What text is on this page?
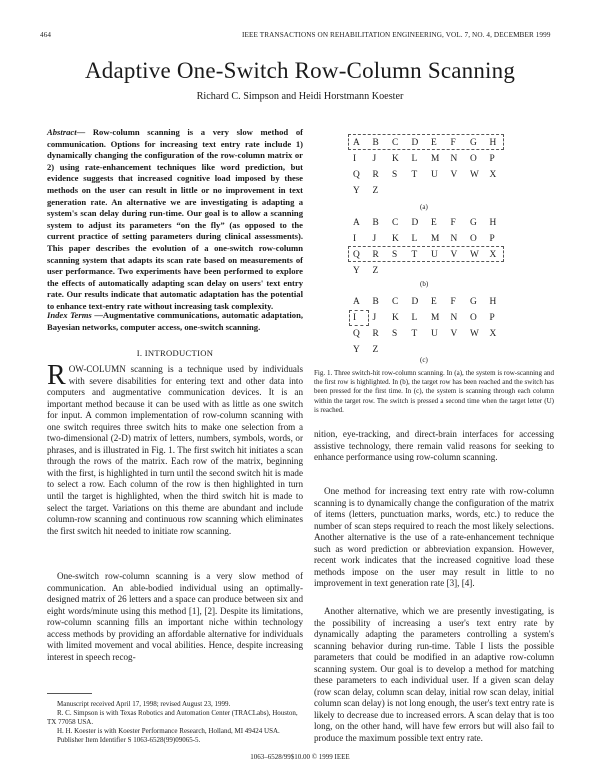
464	IEEE TRANSACTIONS ON REHABILITATION ENGINEERING, VOL. 7, NO. 4, DECEMBER 1999
Adaptive One-Switch Row-Column Scanning
Richard C. Simpson and Heidi Horstmann Koester
Abstract— Row-column scanning is a very slow method of communication. Options for increasing text entry rate include 1) dynamically changing the configuration of the row-column matrix or 2) using rate-enhancement techniques like word prediction, but evidence suggests that increased cognitive load imposed by these methods on the user can result in little or no improvement in text generation rate. An alternative we are investigating is adapting a system's scan delay during run-time. Our goal is to allow a scanning system to adjust its parameters “on the fly” (as opposed to the current practice of setting parameters during clinical assessments). This paper describes the evolution of a one-switch row-column scanning system that adapts its scan rate based on measurements of user performance. Two experiments have been performed to explore the effects of automatically adapting scan delay on users' text entry rate. Our results indicate that automatic adaptation has the potential to enhance text-entry rate without increasing task complexity.
Index Terms —Augmentative communications, automatic adaptation, Bayesian networks, computer access, one-switch scanning.
I. INTRODUCTION
ROW-COLUMN scanning is a technique used by individuals with severe disabilities for entering text and other data into computers and augmentative communication devices. It is an important method because it can be used with as little as one switch for input. A common implementation of row-column scanning with one switch requires three switch hits to make one selection from a two-dimensional (2-D) matrix of letters, numbers, symbols, words, or phrases, and is illustrated in Fig. 1. The first switch hit initiates a scan through the rows of the matrix. Each row of the matrix, beginning with the first, is highlighted in turn until the second switch hit is made to select a row. Each column of the row is then highlighted in turn until the target is highlighted, when the third switch hit is made to select the target. Variations on this theme are abundant and include column-row scanning and continuous row scanning which eliminates the first switch hit needed to initiate row scanning.
One-switch row-column scanning is a very slow method of communication. An able-bodied individual using an optimally-designed matrix of 26 letters and a space can produce between six and eight words/minute using this method [1], [2]. Despite its limitations, row-column scanning fills an important niche within technology access methods by providing an affordable alternative for individuals with limited movement and vocal abilities. Hence, despite increasing interest in speech recog-
Manuscript received April 17, 1998; revised August 23, 1999.
R. C. Simpson is with Texas Robotics and Automation Center (TRACLabs), Houston, TX 77058 USA.
H. H. Koester is with Koester Performance Research, Holland, MI 49424 USA.
Publisher Item Identifier S 1063-6528(99)09065-5.
A	B	C	D	E	F	G	H
I	J	K	L	M	N	O	P
Q	R	S	T	U	V	W	X
Y	Z
(a)
A	B	C	D	E	F	G	H
I	J	K	L	M	N	O	P
Q	R	S	T	U	V	W	X
Y	Z
(b)
A	B	C	D	E	F	G	H
I	J	K	L	M	N	O	P
Q	R	S	T	U	V	W	X
Y	Z
(c)
Fig. 1. Three switch-hit row-column scanning. In (a), the system is row-scanning and the first row is highlighted. In (b), the target row has been reached and the switch has been pressed for the first time. In (c), the system is scanning through each column within the target row. The switch is pressed a second time when the target letter (U) is reached.
nition, eye-tracking, and direct-brain interfaces for accessing assistive technology, there remain valid reasons for seeking to enhance performance using row-column scanning.
One method for increasing text entry rate with row-column scanning is to dynamically change the configuration of the matrix of items (letters, punctuation marks, words, etc.) to reduce the number of scan steps required to reach the most likely selections. Another alternative is the use of a rate-enhancement technique such as word prediction or abbreviation expansion. However, recent work indicates that the increased cognitive load these methods impose on the user may result in little to no improvement in text generation rate [3], [4].
Another alternative, which we are presently investigating, is the possibility of increasing a user's text entry rate by dynamically adapting the parameters controlling a system's scanning behavior during run-time. Table I lists the possible parameters that could be modified in an adaptive row-column scanning system. Our goal is to develop a method for matching these parameters to each individual user. If a given scan delay (row scan delay, column scan delay, initial row scan delay, initial column scan delay) is not long enough, the user's text entry rate is likely to decrease due to increased errors. A scan delay that is too long, on the other hand, will have few errors but will also fail to produce the maximum possible text entry rate.
1063–6528/99$10.00 © 1999 IEEE
